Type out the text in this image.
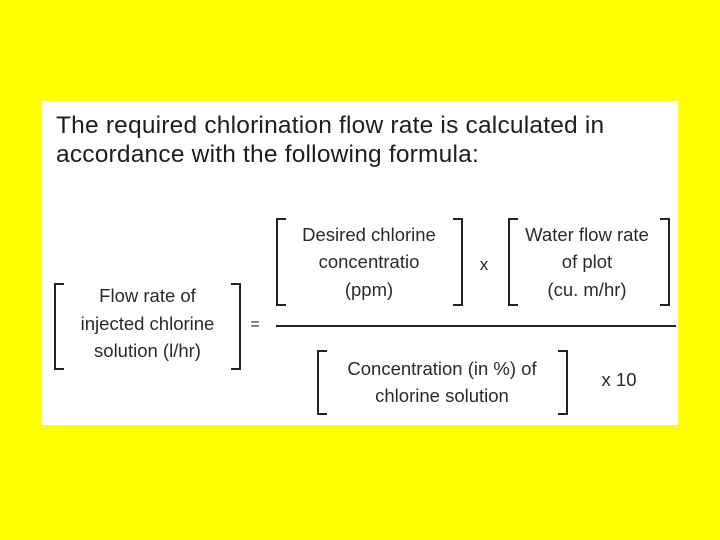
The required chlorination flow rate is calculated in
accordance with the following formula:
Flow rate of
injected chlorine
solution (l/hr)
=
Desired chlorine
concentratio
(ppm)
x
Water flow rate
of plot
(cu. m/hr)
Concentration (in %) of
chlorine solution
x 10
